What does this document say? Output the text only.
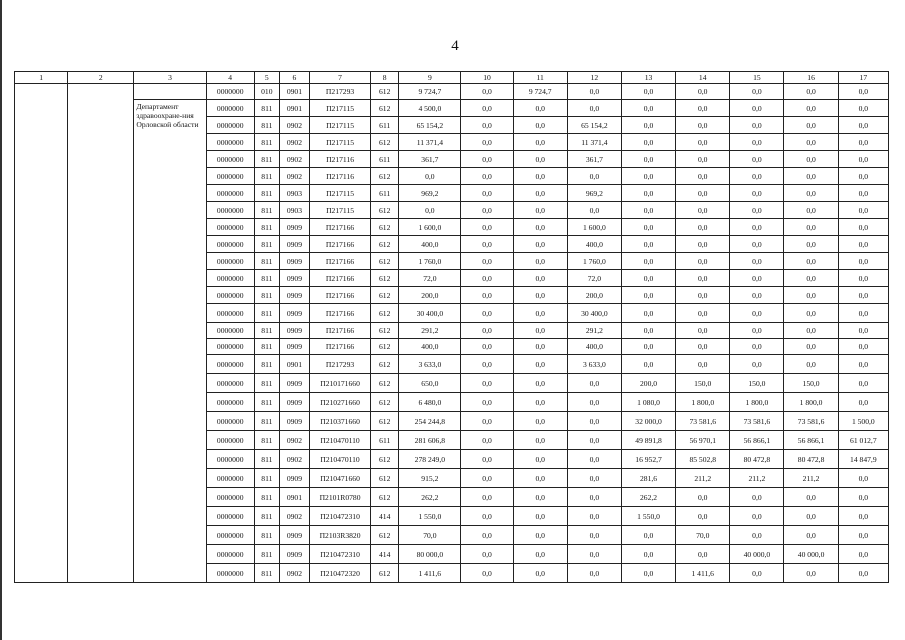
4
1	2	3	4	5	6	7	8	9	10	11	12	13	14	15	16	17
			0000000	010	0901	П217293	612	9 724,7	0,0	9 724,7	0,0	0,0	0,0	0,0	0,0	0,0
		Департамент здравоохране-ния Орловской области	0000000	811	0901	П217115	612	4 500,0	0,0	0,0	0,0	0,0	0,0	0,0	0,0	0,0
			0000000	811	0902	П217115	611	65 154,2	0,0	0,0	65 154,2	0,0	0,0	0,0	0,0	0,0
			0000000	811	0902	П217115	612	11 371,4	0,0	0,0	11 371,4	0,0	0,0	0,0	0,0	0,0
			0000000	811	0902	П217116	611	361,7	0,0	0,0	361,7	0,0	0,0	0,0	0,0	0,0
			0000000	811	0902	П217116	612	0,0	0,0	0,0	0,0	0,0	0,0	0,0	0,0	0,0
			0000000	811	0903	П217115	611	969,2	0,0	0,0	969,2	0,0	0,0	0,0	0,0	0,0
			0000000	811	0903	П217115	612	0,0	0,0	0,0	0,0	0,0	0,0	0,0	0,0	0,0
			0000000	811	0909	П217166	612	1 600,0	0,0	0,0	1 600,0	0,0	0,0	0,0	0,0	0,0
			0000000	811	0909	П217166	612	400,0	0,0	0,0	400,0	0,0	0,0	0,0	0,0	0,0
			0000000	811	0909	П217166	612	1 760,0	0,0	0,0	1 760,0	0,0	0,0	0,0	0,0	0,0
			0000000	811	0909	П217166	612	72,0	0,0	0,0	72,0	0,0	0,0	0,0	0,0	0,0
			0000000	811	0909	П217166	612	200,0	0,0	0,0	200,0	0,0	0,0	0,0	0,0	0,0
			0000000	811	0909	П217166	612	30 400,0	0,0	0,0	30 400,0	0,0	0,0	0,0	0,0	0,0
			0000000	811	0909	П217166	612	291,2	0,0	0,0	291,2	0,0	0,0	0,0	0,0	0,0
			0000000	811	0909	П217166	612	400,0	0,0	0,0	400,0	0,0	0,0	0,0	0,0	0,0
			0000000	811	0901	П217293	612	3 633,0	0,0	0,0	3 633,0	0,0	0,0	0,0	0,0	0,0
			0000000	811	0909	П210171660	612	650,0	0,0	0,0	0,0	200,0	150,0	150,0	150,0	0,0
			0000000	811	0909	П210271660	612	6 480,0	0,0	0,0	0,0	1 080,0	1 800,0	1 800,0	1 800,0	0,0
			0000000	811	0909	П210371660	612	254 244,8	0,0	0,0	0,0	32 000,0	73 581,6	73 581,6	73 581,6	1 500,0
			0000000	811	0902	П210470110	611	281 606,8	0,0	0,0	0,0	49 891,8	56 970,1	56 866,1	56 866,1	61 012,7
			0000000	811	0902	П210470110	612	278 249,0	0,0	0,0	0,0	16 952,7	85 502,8	80 472,8	80 472,8	14 847,9
			0000000	811	0909	П210471660	612	915,2	0,0	0,0	0,0	281,6	211,2	211,2	211,2	0,0
			0000000	811	0901	П2101R0780	612	262,2	0,0	0,0	0,0	262,2	0,0	0,0	0,0	0,0
			0000000	811	0902	П210472310	414	1 550,0	0,0	0,0	0,0	1 550,0	0,0	0,0	0,0	0,0
			0000000	811	0909	П2103R3820	612	70,0	0,0	0,0	0,0	0,0	70,0	0,0	0,0	0,0
			0000000	811	0909	П210472310	414	80 000,0	0,0	0,0	0,0	0,0	0,0	40 000,0	40 000,0	0,0
			0000000	811	0902	П210472320	612	1 411,6	0,0	0,0	0,0	0,0	1 411,6	0,0	0,0	0,0
